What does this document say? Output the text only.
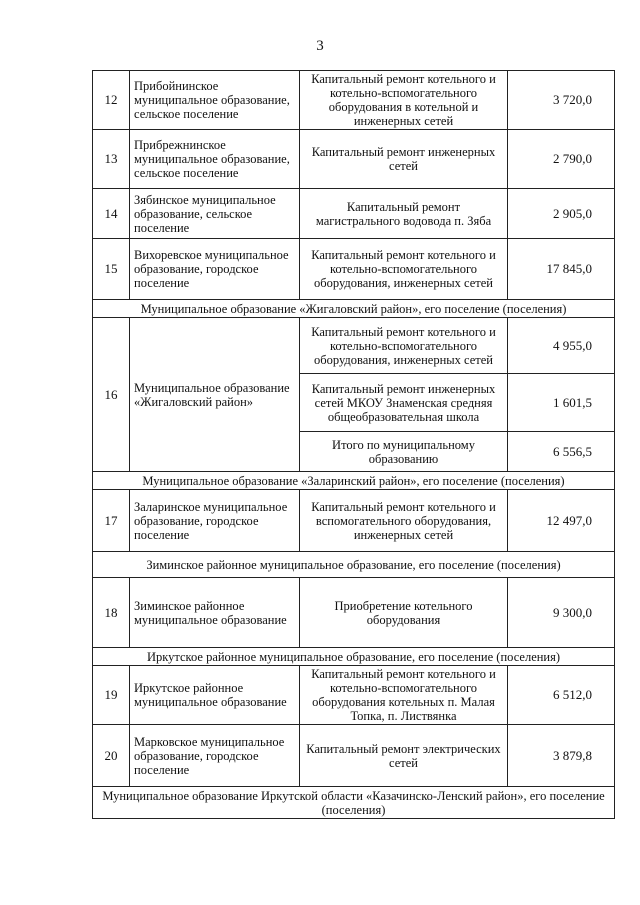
3
12	Прибойнинское муниципальное образование, сельское поселение	Капитальный ремонт котельного и котельно-вспомогательного оборудования в котельной и инженерных сетей	3 720,0
13	Прибрежнинское муниципальное образование, сельское поселение	Капитальный ремонт инженерных сетей	2 790,0
14	Зябинское муниципальное образование, сельское поселение	Капитальный ремонт магистрального водовода п. Зяба	2 905,0
15	Вихоревское муниципальное образование, городское поселение	Капитальный ремонт котельного и котельно-вспомогательного оборудования, инженерных сетей	17 845,0
Муниципальное образование «Жигаловский район», его поселение (поселения)			
16	Муниципальное образование «Жигаловский район»	Капитальный ремонт котельного и котельно-вспомогательного оборудования, инженерных сетей	4 955,0
		Капитальный ремонт инженерных сетей МКОУ Знаменская средняя общеобразовательная школа	1 601,5
		Итого по муниципальному образованию	6 556,5
Муниципальное образование «Заларинский район», его поселение (поселения)			
17	Заларинское муниципальное образование, городское поселение	Капитальный ремонт котельного и вспомогательного оборудования, инженерных сетей	12 497,0
Зиминское районное муниципальное образование, его поселение (поселения)			
18	Зиминское районное муниципальное образование	Приобретение котельного оборудования	9 300,0
Иркутское районное муниципальное образование, его поселение (поселения)			
19	Иркутское районное муниципальное образование	Капитальный ремонт котельного и котельно-вспомогательного оборудования котельных п. Малая Топка, п. Листвянка	6 512,0
20	Марковское муниципальное образование, городское поселение	Капитальный ремонт электрических сетей	3 879,8
Муниципальное образование Иркутской области «Казачинско-Ленский район», его поселение (поселения)			
